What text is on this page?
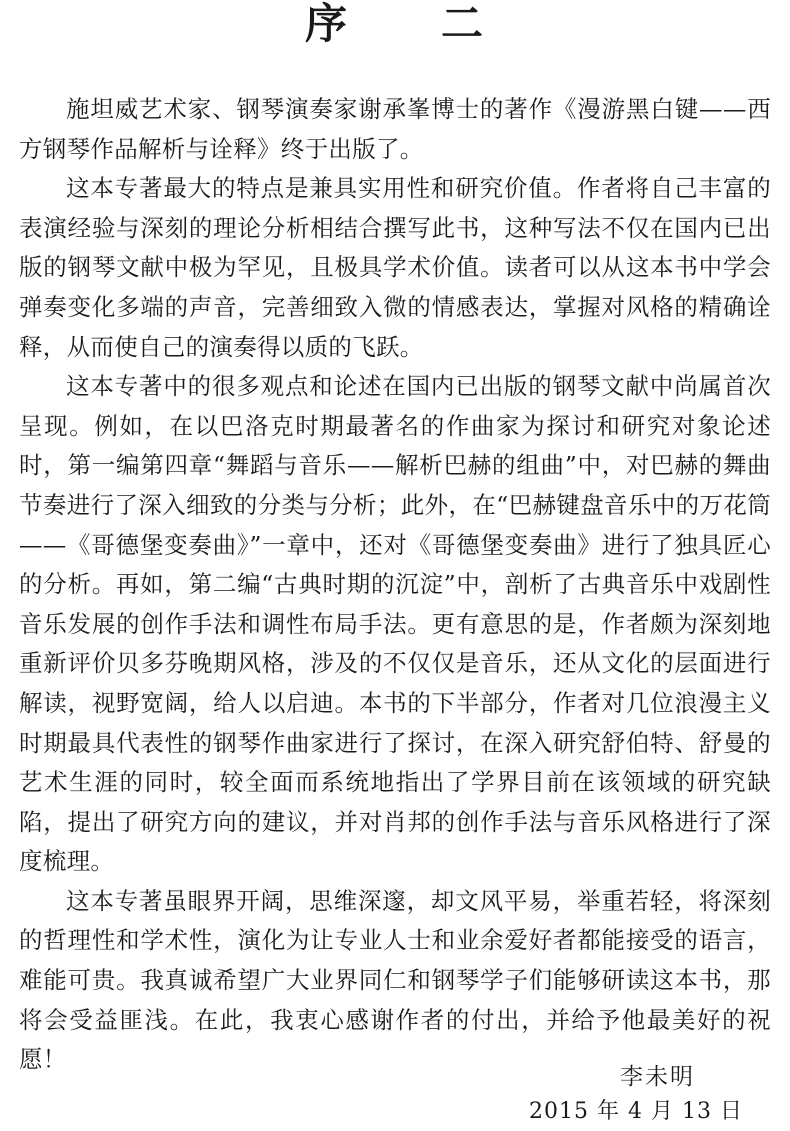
序 二

施坦威艺术家、钢琴演奏家谢承峯博士的著作《漫游黑白键——西方钢琴作品解析与诠释》终于出版了。

这本专著最大的特点是兼具实用性和研究价值。作者将自己丰富的表演经验与深刻的理论分析相结合撰写此书，这种写法不仅在国内已出版的钢琴文献中极为罕见，且极具学术价值。读者可以从这本书中学会弹奏变化多端的声音，完善细致入微的情感表达，掌握对风格的精确诠释，从而使自己的演奏得以质的飞跃。

这本专著中的很多观点和论述在国内已出版的钢琴文献中尚属首次呈现。例如，在以巴洛克时期最著名的作曲家为探讨和研究对象论述时，第一编第四章“舞蹈与音乐——解析巴赫的组曲”中，对巴赫的舞曲节奏进行了深入细致的分类与分析；此外，在“巴赫键盘音乐中的万花筒——《哥德堡变奏曲》”一章中，还对《哥德堡变奏曲》进行了独具匠心的分析。再如，第二编“古典时期的沉淀”中，剖析了古典音乐中戏剧性音乐发展的创作手法和调性布局手法。更有意思的是，作者颇为深刻地重新评价贝多芬晚期风格，涉及的不仅仅是音乐，还从文化的层面进行解读，视野宽阔，给人以启迪。本书的下半部分，作者对几位浪漫主义时期最具代表性的钢琴作曲家进行了探讨，在深入研究舒伯特、舒曼的艺术生涯的同时，较全面而系统地指出了学界目前在该领域的研究缺陷，提出了研究方向的建议，并对肖邦的创作手法与音乐风格进行了深度梳理。

这本专著虽眼界开阔，思维深邃，却文风平易，举重若轻，将深刻的哲理性和学术性，演化为让专业人士和业余爱好者都能接受的语言，难能可贵。我真诚希望广大业界同仁和钢琴学子们能够研读这本书，那将会受益匪浅。在此，我衷心感谢作者的付出，并给予他最美好的祝愿！

李未明
2015 年 4 月 13 日
